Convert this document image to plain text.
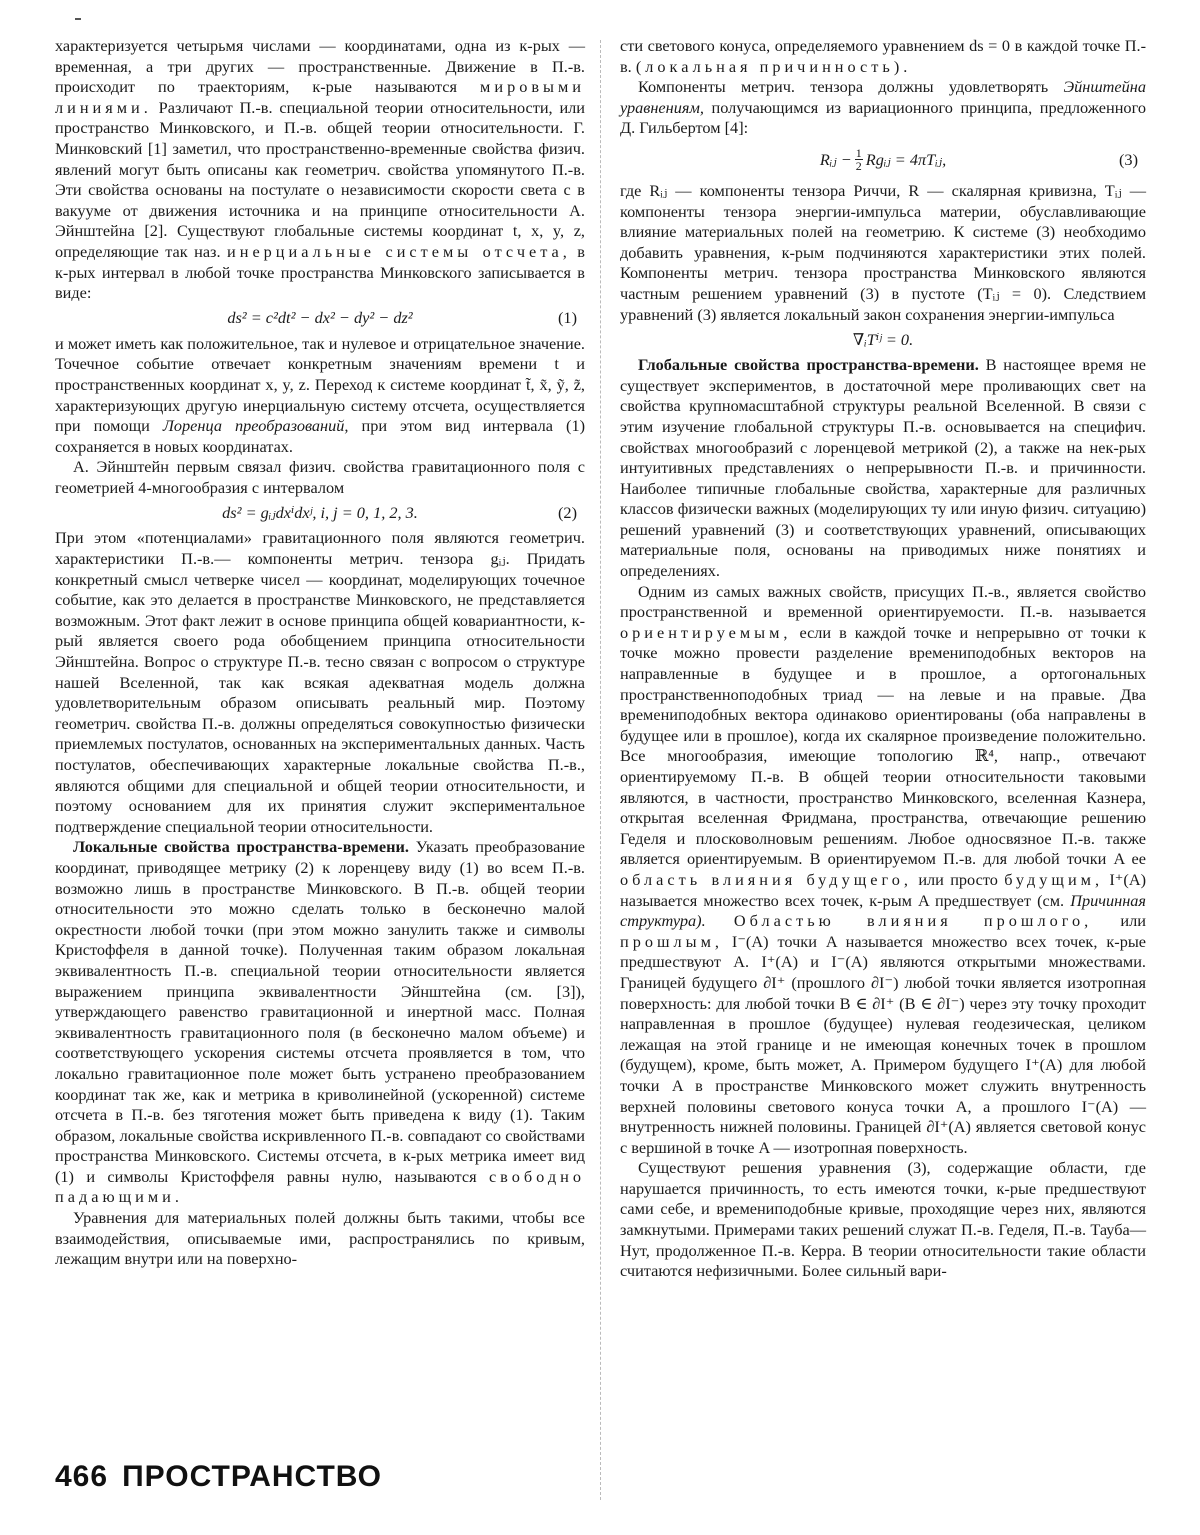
характеризуется четырьмя числами — координатами, одна из к-рых — временная, а три других — пространственные. Движение в П.-в. происходит по траекториям, к-рые называются мировыми линиями. Различают П.-в. специальной теории относительности, или пространство Минковского, и П.-в. общей теории относительности. Г. Минковский [1] заметил, что пространственно-временные свойства физич. явлений могут быть описаны как геометрич. свойства упомянутого П.-в. Эти свойства основаны на постулате о независимости скорости света c в вакууме от движения источника и на принципе относительности А. Эйнштейна [2]. Существуют глобальные системы координат t, x, y, z, определяющие так наз. инерциальные системы отсчета, в к-рых интервал в любой точке пространства Минковского записывается в виде:

ds² = c²dt² − dx² − dy² − dz²	(1)

и может иметь как положительное, так и нулевое и отрицательное значение. Точечное событие отвечает конкретным значениям времени t и пространственных координат x, y, z. Переход к системе координат t̃, x̃, ỹ, z̃, характеризующих другую инерциальную систему отсчета, осуществляется при помощи Лоренца преобразований, при этом вид интервала (1) сохраняется в новых координатах.

А. Эйнштейн первым связал физич. свойства гравитационного поля с геометрией 4-многообразия с интервалом

ds² = gᵢⱼdxⁱdxʲ, i, j = 0, 1, 2, 3.	(2)

При этом «потенциалами» гравитационного поля являются геометрич. характеристики П.-в.— компоненты метрич. тензора gᵢⱼ. Придать конкретный смысл четверке чисел — координат, моделирующих точечное событие, как это делается в пространстве Минковского, не представляется возможным. Этот факт лежит в основе принципа общей ковариантности, к-рый является своего рода обобщением принципа относительности Эйнштейна. Вопрос о структуре П.-в. тесно связан с вопросом о структуре нашей Вселенной, так как всякая адекватная модель должна удовлетворительным образом описывать реальный мир. Поэтому геометрич. свойства П.-в. должны определяться совокупностью физически приемлемых постулатов, основанных на экспериментальных данных. Часть постулатов, обеспечивающих характерные локальные свойства П.-в., являются общими для специальной и общей теории относительности, и поэтому основанием для их принятия служит экспериментальное подтверждение специальной теории относительности.

Локальные свойства пространства-времени. Указать преобразование координат, приводящее метрику (2) к лоренцеву виду (1) во всем П.-в. возможно лишь в пространстве Минковского. В П.-в. общей теории относительности это можно сделать только в бесконечно малой окрестности любой точки (при этом можно занулить также и символы Кристоффеля в данной точке). Полученная таким образом локальная эквивалентность П.-в. специальной теории относительности является выражением принципа эквивалентности Эйнштейна (см. [3]), утверждающего равенство гравитационной и инертной масс. Полная эквивалентность гравитационного поля (в бесконечно малом объеме) и соответствующего ускорения системы отсчета проявляется в том, что локально гравитационное поле может быть устранено преобразованием координат так же, как и метрика в криволинейной (ускоренной) системе отсчета в П.-в. без тяготения может быть приведена к виду (1). Таким образом, локальные свойства искривленного П.-в. совпадают со свойствами пространства Минковского. Системы отсчета, в к-рых метрика имеет вид (1) и символы Кристоффеля равны нулю, называются свободно падающими.

Уравнения для материальных полей должны быть такими, чтобы все взаимодействия, описываемые ими, распространялись по кривым, лежащим внутри или на поверхно-

сти светового конуса, определяемого уравнением ds = 0 в каждой точке П.-в. (локальная причинность).

Компоненты метрич. тензора должны удовлетворять Эйнштейна уравнениям, получающимся из вариационного принципа, предложенного Д. Гильбертом [4]:

Rᵢⱼ − $\frac{1}{2}$ Rgᵢⱼ = 4πTᵢⱼ,	(3)

где Rᵢⱼ — компоненты тензора Риччи, R — скалярная кривизна, Tᵢⱼ — компоненты тензора энергии-импульса материи, обуславливающие влияние материальных полей на геометрию. К системе (3) необходимо добавить уравнения, к-рым подчиняются характеристики этих полей. Компоненты метрич. тензора пространства Минковского являются частным решением уравнений (3) в пустоте (Tᵢⱼ = 0). Следствием уравнений (3) является локальный закон сохранения энергии-импульса

∇ᵢTⁱʲ = 0.

Глобальные свойства пространства-времени. В настоящее время не существует экспериментов, в достаточной мере проливающих свет на свойства крупномасштабной структуры реальной Вселенной. В связи с этим изучение глобальной структуры П.-в. основывается на специфич. свойствах многообразий с лоренцевой метрикой (2), а также на нек-рых интуитивных представлениях о непрерывности П.-в. и причинности. Наиболее типичные глобальные свойства, характерные для различных классов физически важных (моделирующих ту или иную физич. ситуацию) решений уравнений (3) и соответствующих уравнений, описывающих материальные поля, основаны на приводимых ниже понятиях и определениях.

Одним из самых важных свойств, присущих П.-в., является свойство пространственной и временной ориентируемости. П.-в. называется ориентируемым, если в каждой точке и непрерывно от точки к точке можно провести разделение времениподобных векторов на направленные в будущее и в прошлое, а ортогональных пространственноподобных триад — на левые и на правые. Два времениподобных вектора одинаково ориентированы (оба направлены в будущее или в прошлое), когда их скалярное произведение положительно. Все многообразия, имеющие топологию ℝ⁴, напр., отвечают ориентируемому П.-в. В общей теории относительности таковыми являются, в частности, пространство Минковского, вселенная Казнера, открытая вселенная Фридмана, пространства, отвечающие решению Геделя и плосковолновым решениям. Любое односвязное П.-в. также является ориентируемым. В ориентируемом П.-в. для любой точки A ее область влияния будущего, или просто будущим, I⁺(A) называется множество всех точек, к-рым A предшествует (см. Причинная структура). Областью влияния прошлого, или прошлым, I⁻(A) точки A называется множество всех точек, к-рые предшествуют A. I⁺(A) и I⁻(A) являются открытыми множествами. Границей будущего ∂I⁺ (прошлого ∂I⁻) любой точки является изотропная поверхность: для любой точки B ∈ ∂I⁺ (B ∈ ∂I⁻) через эту точку проходит направленная в прошлое (будущее) нулевая геодезическая, целиком лежащая на этой границе и не имеющая конечных точек в прошлом (будущем), кроме, быть может, A. Примером будущего I⁺(A) для любой точки A в пространстве Минковского может служить внутренность верхней половины светового конуса точки A, а прошлого I⁻(A) — внутренность нижней половины. Границей ∂I⁺(A) является световой конус с вершиной в точке A — изотропная поверхность.

Существуют решения уравнения (3), содержащие области, где нарушается причинность, то есть имеются точки, к-рые предшествуют сами себе, и времениподобные кривые, проходящие через них, являются замкнутыми. Примерами таких решений служат П.-в. Геделя, П.-в. Тауба—Нут, продолженное П.-в. Керра. В теории относительности такие области считаются нефизичными. Более сильный вари-

466 ПРОСТРАНСТВО
